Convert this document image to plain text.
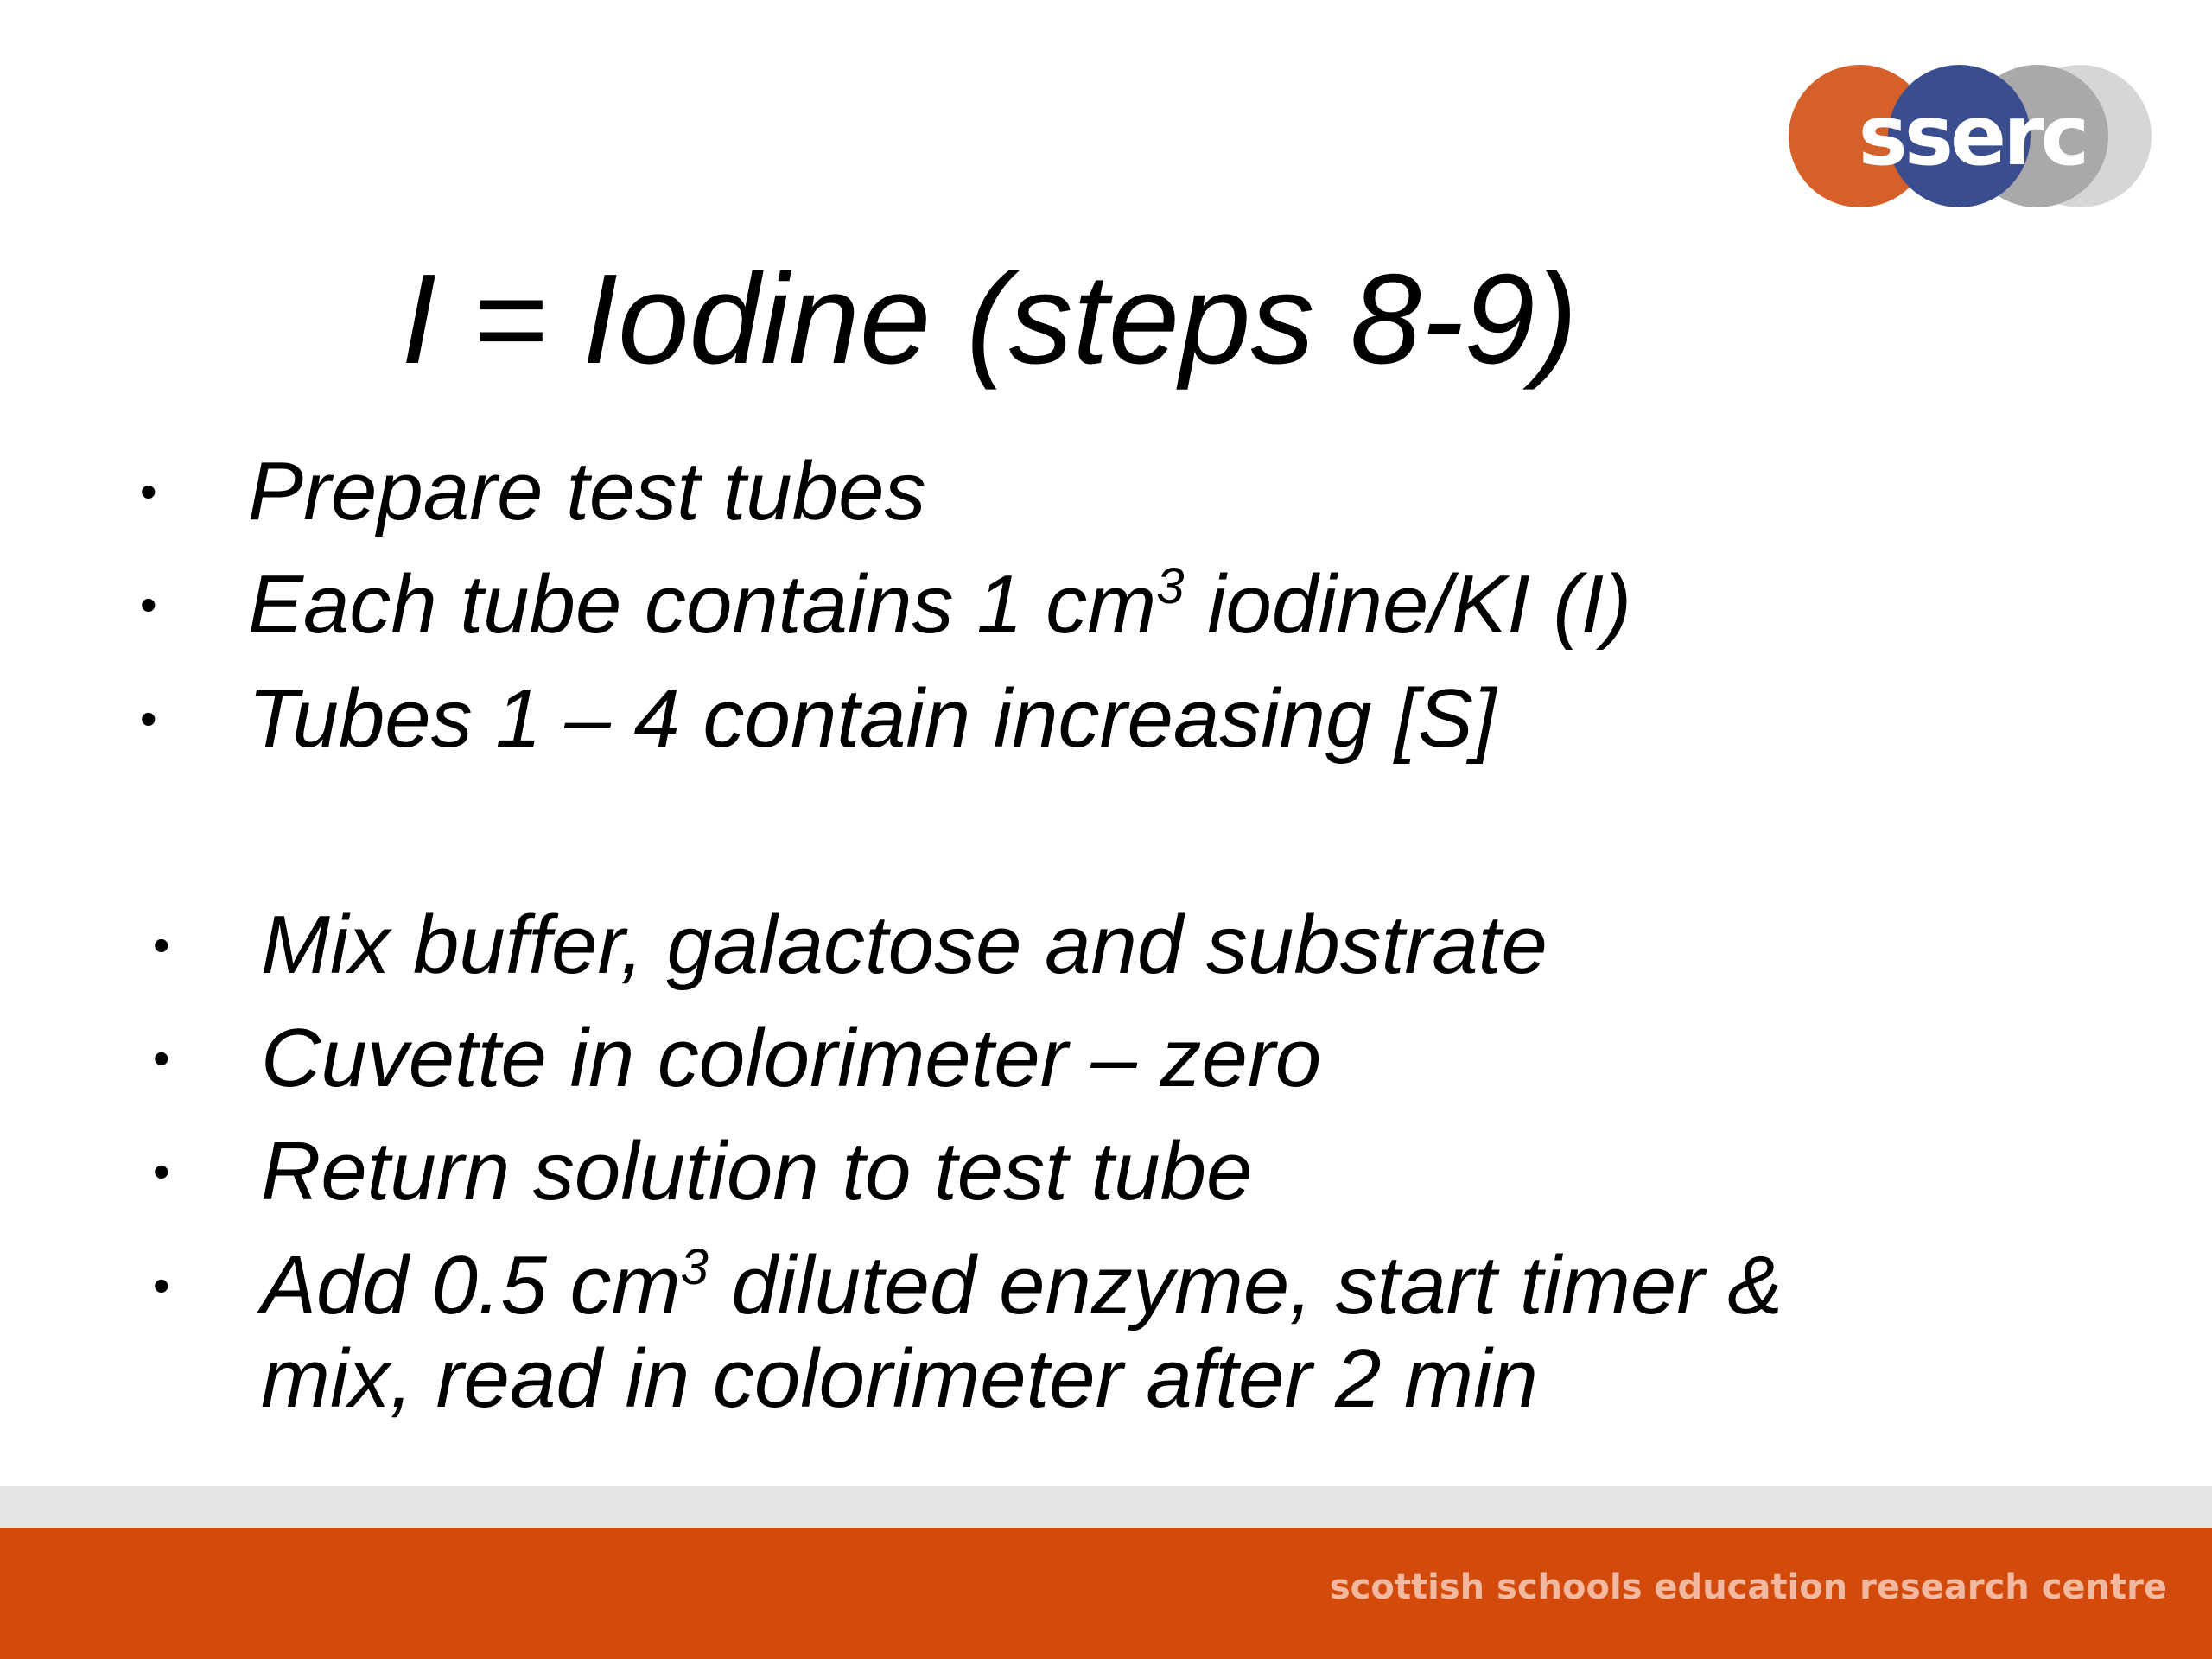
sserc
I = Iodine (steps 8-9)
• Prepare test tubes
• Each tube contains 1 $cm^3$ iodine/KI (I)
• Tubes 1 – 4 contain increasing [S]
• Mix buffer, galactose and substrate
• Cuvette in colorimeter – zero
• Return solution to test tube
• Add 0.5 $cm^3$ diluted enzyme, start timer &
mix, read in colorimeter after 2 min
scottish schools education research centre
